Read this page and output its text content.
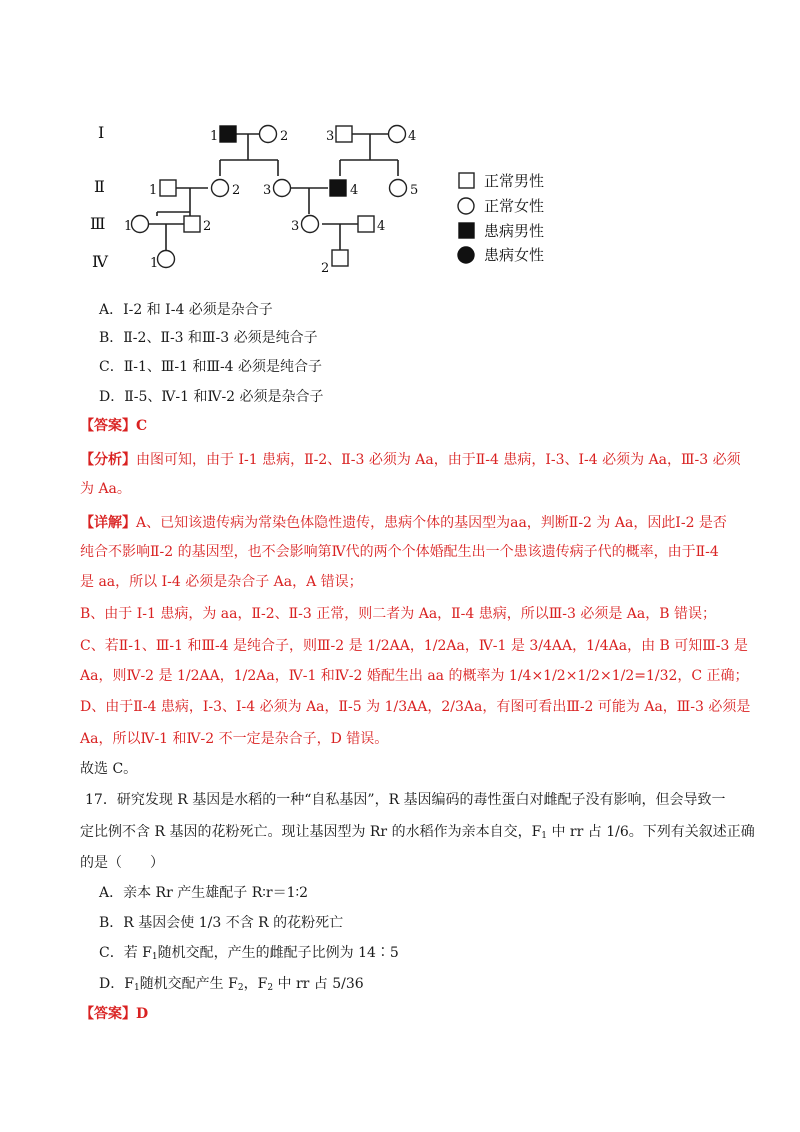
Ⅰ
Ⅱ
Ⅲ
Ⅳ
1	2	3	4
1	2 3	4	5
1	2	3	4
1	2
正常男性
正常女性
患病男性
患病女性
A．I-2 和 I-4 必须是杂合子
B．Ⅱ-2、Ⅱ-3 和Ⅲ-3 必须是纯合子
C．Ⅱ-1、Ⅲ-1 和Ⅲ-4 必须是纯合子
D．Ⅱ-5、Ⅳ-1 和Ⅳ-2 必须是杂合子
【答案】C
【分析】由图可知，由于 I-1 患病，Ⅱ-2、Ⅱ-3 必须为 Aa，由于Ⅱ-4 患病，I-3、I-4 必须为 Aa，Ⅲ-3 必须
为 Aa。
【详解】A、已知该遗传病为常染色体隐性遗传，患病个体的基因型为aa，判断Ⅱ-2 为 Aa，因此Ⅰ-2 是否
纯合不影响Ⅱ-2 的基因型，也不会影响第Ⅳ代的两个个体婚配生出一个患该遗传病子代的概率，由于Ⅱ-4
是 aa，所以 I-4 必须是杂合子 Aa，A 错误；
B、由于 I-1 患病，为 aa，Ⅱ-2、Ⅱ-3 正常，则二者为 Aa，Ⅱ-4 患病，所以Ⅲ-3 必须是 Aa，B 错误；
C、若Ⅱ-1、Ⅲ-1 和Ⅲ-4 是纯合子，则Ⅲ-2 是 1/2AA，1/2Aa，Ⅳ-1 是 3/4AA，1/4Aa，由 B 可知Ⅲ-3 是
Aa，则Ⅳ-2 是 1/2AA，1/2Aa，Ⅳ-1 和Ⅳ-2 婚配生出 aa 的概率为 1/4×1/2×1/2×1/2=1/32，C 正确；
D、由于Ⅱ-4 患病，I-3、I-4 必须为 Aa，Ⅱ-5 为 1/3AA，2/3Aa，有图可看出Ⅲ-2 可能为 Aa，Ⅲ-3 必须是
Aa，所以Ⅳ-1 和Ⅳ-2 不一定是杂合子，D 错误。
故选 C。
17．研究发现 R 基因是水稻的一种“自私基因”，R 基因编码的毒性蛋白对雌配子没有影响，但会导致一
定比例不含 R 基因的花粉死亡。现让基因型为 Rr 的水稻作为亲本自交，$F_1$ 中 rr 占 1/6。下列有关叙述正确
的是（　　）
A．亲本 Rr 产生雄配子 R∶r＝1∶2
B．R 基因会使 1/3 不含 R 的花粉死亡
C．若 $F_1$随机交配，产生的雌配子比例为 14∶5
D．$F_1$随机交配产生 $F_2$，$F_2$ 中 rr 占 5/36
【答案】D
